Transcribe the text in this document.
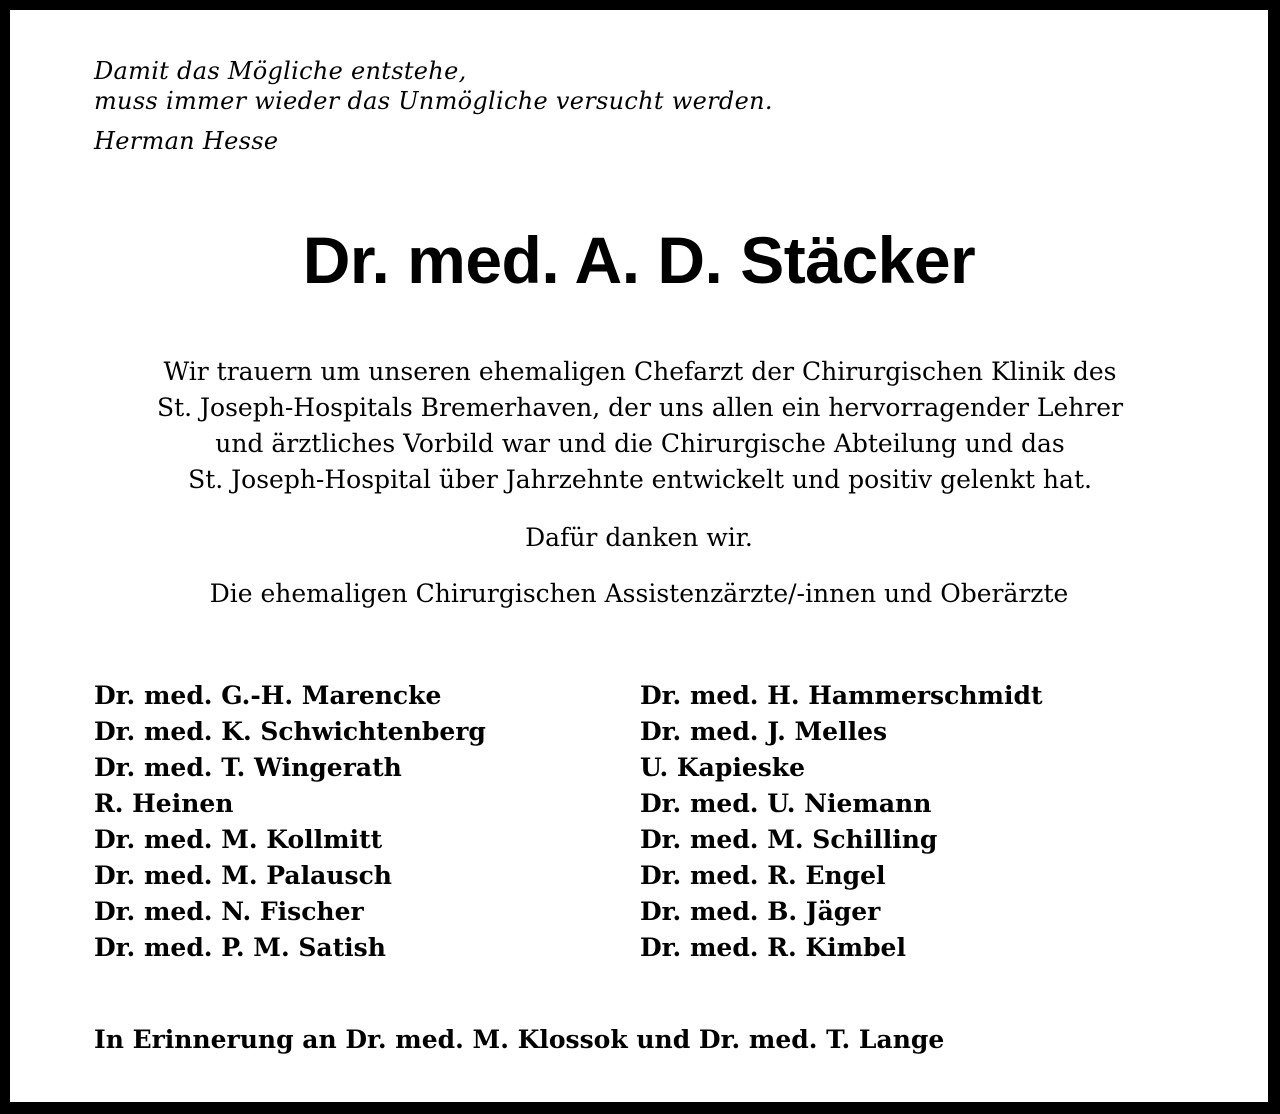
Damit das Mögliche entstehe,
muss immer wieder das Unmögliche versucht werden.
Herman Hesse
Dr. med. A. D. Stäcker
Wir trauern um unseren ehemaligen Chefarzt der Chirurgischen Klinik des
St. Joseph-Hospitals Bremerhaven, der uns allen ein hervorragender Lehrer
und ärztliches Vorbild war und die Chirurgische Abteilung und das
St. Joseph-Hospital über Jahrzehnte entwickelt und positiv gelenkt hat.
Dafür danken wir.
Die ehemaligen Chirurgischen Assistenzärzte/-innen und Oberärzte
Dr. med. G.-H. Marencke
Dr. med. K. Schwichtenberg
Dr. med. T. Wingerath
R. Heinen
Dr. med. M. Kollmitt
Dr. med. M. Palausch
Dr. med. N. Fischer
Dr. med. P. M. Satish
Dr. med. H. Hammerschmidt
Dr. med. J. Melles
U. Kapieske
Dr. med. U. Niemann
Dr. med. M. Schilling
Dr. med. R. Engel
Dr. med. B. Jäger
Dr. med. R. Kimbel
In Erinnerung an Dr. med. M. Klossok und Dr. med. T. Lange
